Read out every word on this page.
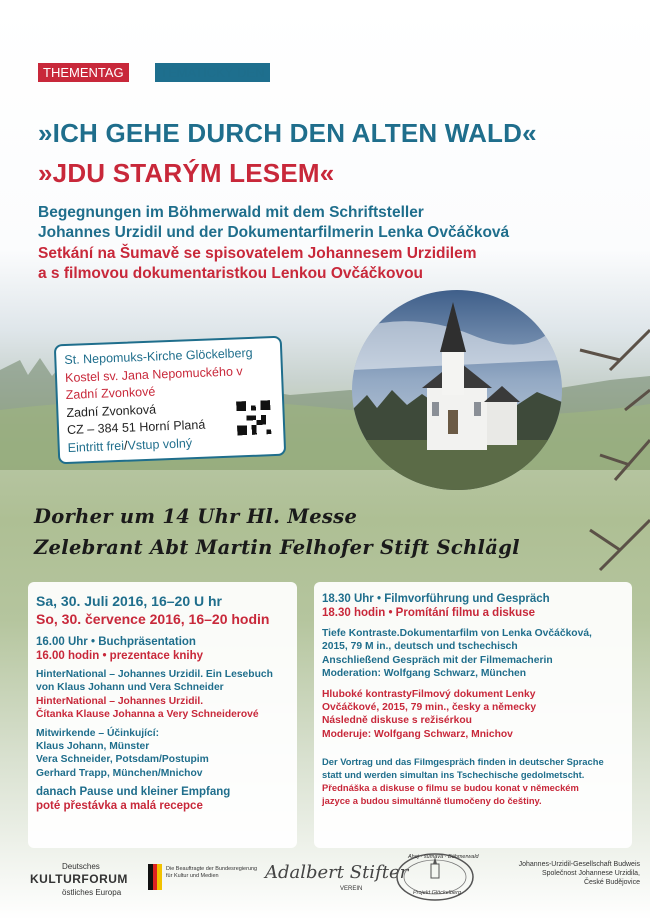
THEMENTAG	TÉMATICKÝ DEN
»ICH GEHE DURCH DEN ALTEN WALD«
»JDU STARÝM LESEM«
Begegnungen im Böhmerwald mit dem Schriftsteller
Johannes Urzidil und der Dokumentarfilmerin Lenka Ovčáčková
Setkání na Šumavě se spisovatelem Johannesem Urzidilem
a s filmovou dokumentaristkou Lenkou Ovčáčkovou
St. Nepomuks-Kirche Glöckelberg
Kostel sv. Jana Nepomuckého v
Zadní Zvonkové
Zadní Zvonková
CZ – 384 51 Horní Planá
Eintritt frei/Vstup volný
Dorher um 14 Uhr Hl. Messe
Zelebrant Abt Martin Felhofer Stift Schlägl
Sa, 30. Juli 2016, 16–20 U hr
So, 30. července 2016, 16–20 hodin
16.00 Uhr • Buchpräsentation
16.00 hodin • prezentace knihy
HinterNational – Johannes Urzidil. Ein Lesebuch
von Klaus Johann und Vera Schneider
HinterNational – Johannes Urzidil.
Čítanka Klause Johanna a Very Schneiderové
Mitwirkende – Účinkující:
Klaus Johann, Münster
Vera Schneider, Potsdam/Postupim
Gerhard Trapp, München/Mnichov
danach Pause und kleiner Empfang
poté přestávka a malá recepce
18.30 Uhr • Filmvorführung und Gespräch
18.30 hodin • Promítání filmu a diskuse
Tiefe Kontraste.Dokumentarfilm von Lenka Ovčáčková,
2015, 79 M in., deutsch und tschechisch
Anschließend Gespräch mit der Filmemacherin
Moderation: Wolfgang Schwarz, München
Hluboké kontrastyFilmový dokument Lenky
Ovčáčkové, 2015, 79 min., česky a německy
Následně diskuse s režisérkou
Moderuje: Wolfgang Schwarz, Mnichov
Der Vortrag und das Filmgespräch finden in deutscher Sprache
statt und werden simultan ins Tschechische gedolmetscht.
Přednáška a diskuse o filmu se budou konat v německém
jazyce a budou simultánně tlumočeny do češtiny.
Deutsches
KULTURFORUM
östliches Europa
Die Beauftragte der Bundesregierung
für Kultur und Medien	Adalbert Stifter
VEREIN
Ahoj · šumava · Böhmerwald
Projekt Glöckelberg
Johannes-Urzidil-Gesellschaft Budweis
Společnost Johannese Urzidila,
České Budějovice
